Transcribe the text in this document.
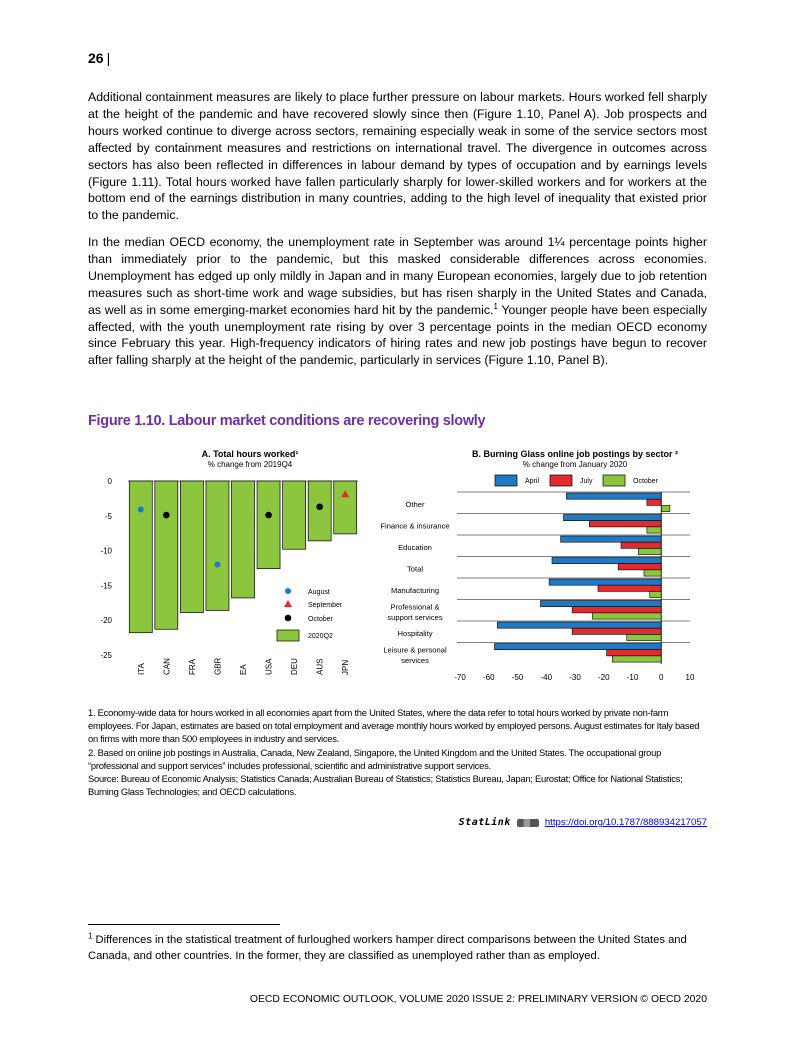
26 |

Additional containment measures are likely to place further pressure on labour markets. Hours worked fell sharply at the height of the pandemic and have recovered slowly since then (Figure 1.10, Panel A). Job prospects and hours worked continue to diverge across sectors, remaining especially weak in some of the service sectors most affected by containment measures and restrictions on international travel. The divergence in outcomes across sectors has also been reflected in differences in labour demand by types of occupation and by earnings levels (Figure 1.11). Total hours worked have fallen particularly sharply for lower-skilled workers and for workers at the bottom end of the earnings distribution in many countries, adding to the high level of inequality that existed prior to the pandemic.

In the median OECD economy, the unemployment rate in September was around 1¼ percentage points higher than immediately prior to the pandemic, but this masked considerable differences across economies. Unemployment has edged up only mildly in Japan and in many European economies, largely due to job retention measures such as short-time work and wage subsidies, but has risen sharply in the United States and Canada, as well as in some emerging-market economies hard hit by the pandemic.$^1$ Younger people have been especially affected, with the youth unemployment rate rising by over 3 percentage points in the median OECD economy since February this year. High-frequency indicators of hiring rates and new job postings have begun to recover after falling sharply at the height of the pandemic, particularly in services (Figure 1.10, Panel B).

Figure 1.10. Labour market conditions are recovering slowly
A. Total hours worked¹
% change from 2019Q4
B. Burning Glass online job postings by sector ²
% change from January 2020
0
-5
-10
-15
-20
-25
ITA CAN FRA GBR EA USA DEU AUS JPN
August
September
October
2020Q2
April	July	October
Other
Finance & insurance
Education
Total
Manufacturing
Professional & support services
Hospitality
Leisure & personal services
-70 -60 -50 -40 -30 -20 -10	0	10

1. Economy-wide data for hours worked in all economies apart from the United States, where the data refer to total hours worked by private non-farm employees. For Japan, estimates are based on total employment and average monthly hours worked by employed persons. August estimates for Italy based on firms with more than 500 employees in industry and services.

2. Based on online job postings in Australia, Canada, New Zealand, Singapore, the United Kingdom and the United States. The occupational group “professional and support services” includes professional, scientific and administrative support services.

Source: Bureau of Economic Analysis; Statistics Canada; Australian Bureau of Statistics; Statistics Bureau, Japan; Eurostat; Office for National Statistics; Burning Glass Technologies; and OECD calculations.

StatLink	https://doi.org/10.1787/888934217057

$^1$ Differences in the statistical treatment of furloughed workers hamper direct comparisons between the United States and Canada, and other countries. In the former, they are classified as unemployed rather than as employed.

OECD ECONOMIC OUTLOOK, VOLUME 2020 ISSUE 2: PRELIMINARY VERSION © OECD 2020
